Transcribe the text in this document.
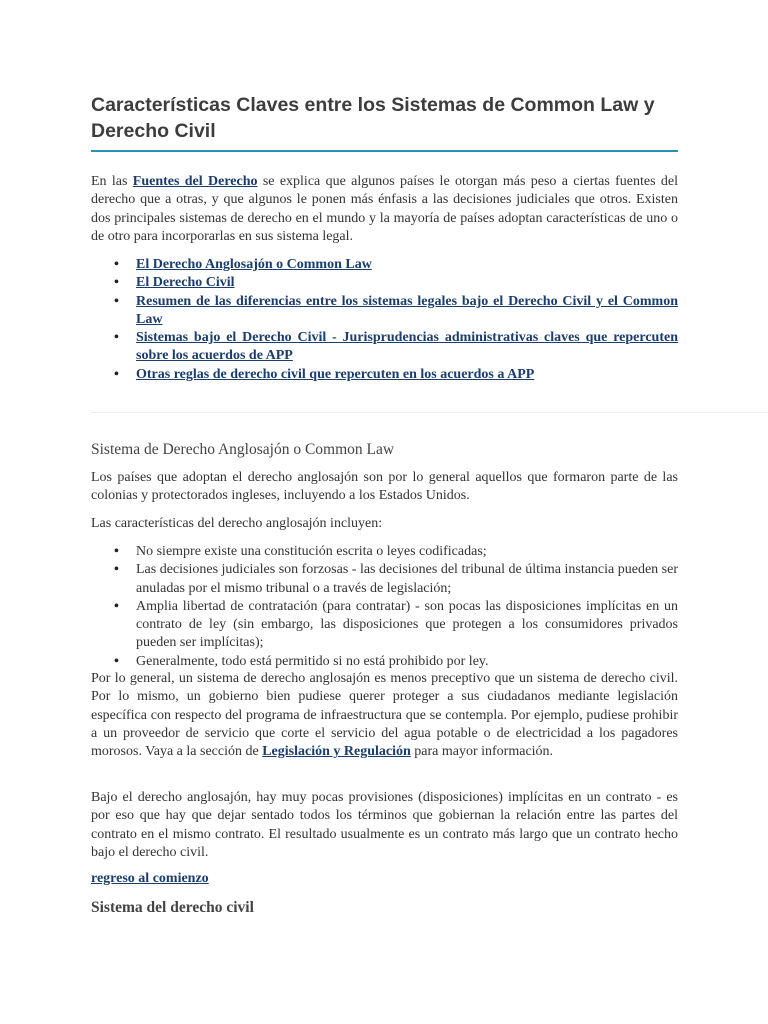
Características Claves entre los Sistemas de Common Law y Derecho Civil

En las Fuentes del Derecho se explica que algunos países le otorgan más peso a ciertas fuentes del derecho que a otras, y que algunos le ponen más énfasis a las decisiones judiciales que otros. Existen dos principales sistemas de derecho en el mundo y la mayoría de países adoptan características de uno o de otro para incorporarlas en sus sistema legal.

• El Derecho Anglosajón o Common Law
• El Derecho Civil
• Resumen de las diferencias entre los sistemas legales bajo el Derecho Civil y el Common Law
• Sistemas bajo el Derecho Civil - Jurisprudencias administrativas claves que repercuten sobre los acuerdos de APP
• Otras reglas de derecho civil que repercuten en los acuerdos a APP
Sistema de Derecho Anglosajón o Common Law

Los países que adoptan el derecho anglosajón son por lo general aquellos que formaron parte de las colonias y protectorados ingleses, incluyendo a los Estados Unidos.

Las características del derecho anglosajón incluyen:

• No siempre existe una constitución escrita o leyes codificadas;
• Las decisiones judiciales son forzosas - las decisiones del tribunal de última instancia pueden ser anuladas por el mismo tribunal o a través de legislación;
• Amplia libertad de contratación (para contratar) - son pocas las disposiciones implícitas en un contrato de ley (sin embargo, las disposiciones que protegen a los consumidores privados pueden ser implícitas);
• Generalmente, todo está permitido si no está prohibido por ley.

Por lo general, un sistema de derecho anglosajón es menos preceptivo que un sistema de derecho civil. Por lo mismo, un gobierno bien pudiese querer proteger a sus ciudadanos mediante legislación específica con respecto del programa de infraestructura que se contempla. Por ejemplo, pudiese prohibir a un proveedor de servicio que corte el servicio del agua potable o de electricidad a los pagadores morosos. Vaya a la sección de Legislación y Regulación para mayor información.

Bajo el derecho anglosajón, hay muy pocas provisiones (disposiciones) implícitas en un contrato - es por eso que hay que dejar sentado todos los términos que gobiernan la relación entre las partes del contrato en el mismo contrato. El resultado usualmente es un contrato más largo que un contrato hecho bajo el derecho civil.

regreso al comienzo
Sistema del derecho civil
